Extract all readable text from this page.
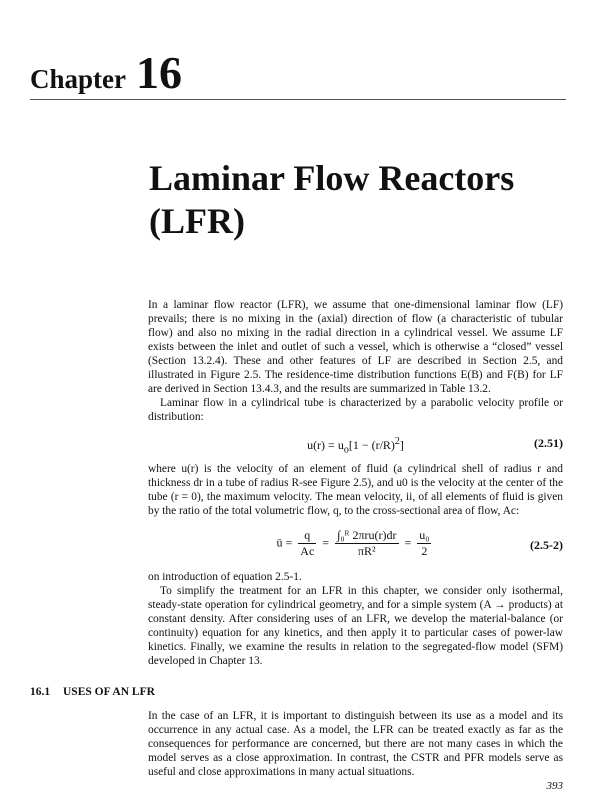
Chapter 16
Laminar Flow Reactors
(LFR)

In a laminar flow reactor (LFR), we assume that one-dimensional laminar flow (LF) prevails; there is no mixing in the (axial) direction of flow (a characteristic of tubular flow) and also no mixing in the radial direction in a cylindrical vessel. We assume LF exists between the inlet and outlet of such a vessel, which is otherwise a “closed” vessel (Section 13.2.4). These and other features of LF are described in Section 2.5, and illustrated in Figure 2.5. The residence-time distribution functions E(B) and F(B) for LF are derived in Section 13.4.3, and the results are summarized in Table 13.2.

Laminar flow in a cylindrical tube is characterized by a parabolic velocity profile or distribution:

$u(r) = u_o[1 - (r/R)^2]$	(2.51)

where u(r) is the velocity of an element of fluid (a cylindrical shell of radius r and thickness dr in a tube of radius R-see Figure 2.5), and u0 is the velocity at the center of the tube (r = 0), the maximum velocity. The mean velocity, ii, of all elements of fluid is given by the ratio of the total volumetric flow, q, to the cross-sectional area of flow, Ac:

ū = $\frac{q}{Ac} = \frac{\text{∫₀ᴿ 2πru(r)dr}}{\text{πR²}} = \frac{\text{u₀}}{2}$	(2.5-2)

on introduction of equation 2.5-1.

To simplify the treatment for an LFR in this chapter, we consider only isothermal, steady-state operation for cylindrical geometry, and for a simple system (A → products) at constant density. After considering uses of an LFR, we develop the material-balance (or continuity) equation for any kinetics, and then apply it to particular cases of power-law kinetics. Finally, we examine the results in relation to the segregated-flow model (SFM) developed in Chapter 13.

16.1 USES OF AN LFR

In the case of an LFR, it is important to distinguish between its use as a model and its occurrence in any actual case. As a model, the LFR can be treated exactly as far as the consequences for performance are concerned, but there are not many cases in which the model serves as a close approximation. In contrast, the CSTR and PFR models serve as useful and close approximations in many actual situations.

393
